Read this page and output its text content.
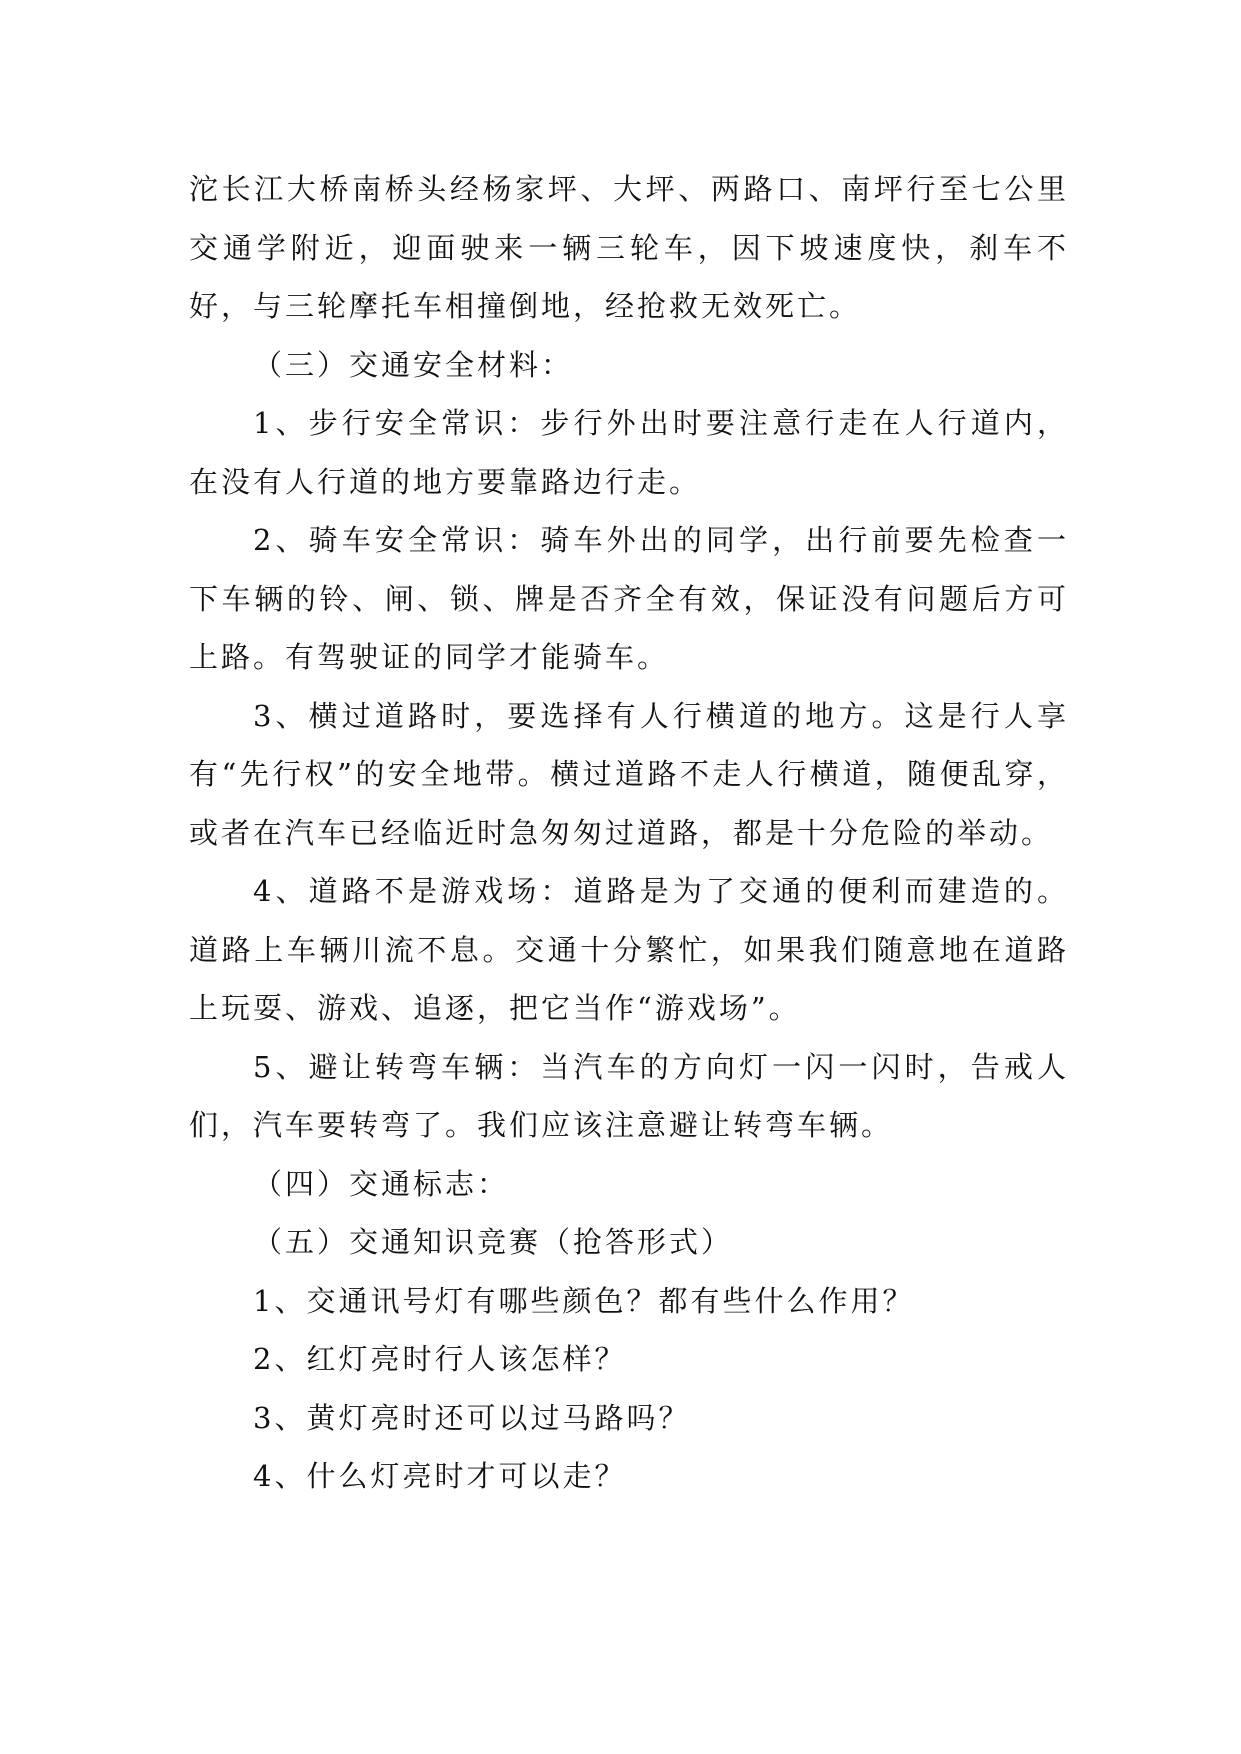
沱长江大桥南桥头经杨家坪、大坪、两路口、南坪行至七公里交通学附近，迎面驶来一辆三轮车，因下坡速度快，刹车不好，与三轮摩托车相撞倒地，经抢救无效死亡。

（三）交通安全材料：

1、步行安全常识：步行外出时要注意行走在人行道内，在没有人行道的地方要靠路边行走。

2、骑车安全常识：骑车外出的同学，出行前要先检查一下车辆的铃、闸、锁、牌是否齐全有效，保证没有问题后方可上路。有驾驶证的同学才能骑车。

3、横过道路时，要选择有人行横道的地方。这是行人享有“先行权”的安全地带。横过道路不走人行横道，随便乱穿，或者在汽车已经临近时急匆匆过道路，都是十分危险的举动。

4、道路不是游戏场：道路是为了交通的便利而建造的。道路上车辆川流不息。交通十分繁忙，如果我们随意地在道路上玩耍、游戏、追逐，把它当作“游戏场”。

5、避让转弯车辆：当汽车的方向灯一闪一闪时，告戒人们，汽车要转弯了。我们应该注意避让转弯车辆。

（四）交通标志：

（五）交通知识竞赛（抢答形式）

1、交通讯号灯有哪些颜色？都有些什么作用？

2、红灯亮时行人该怎样？

3、黄灯亮时还可以过马路吗？

4、什么灯亮时才可以走？
